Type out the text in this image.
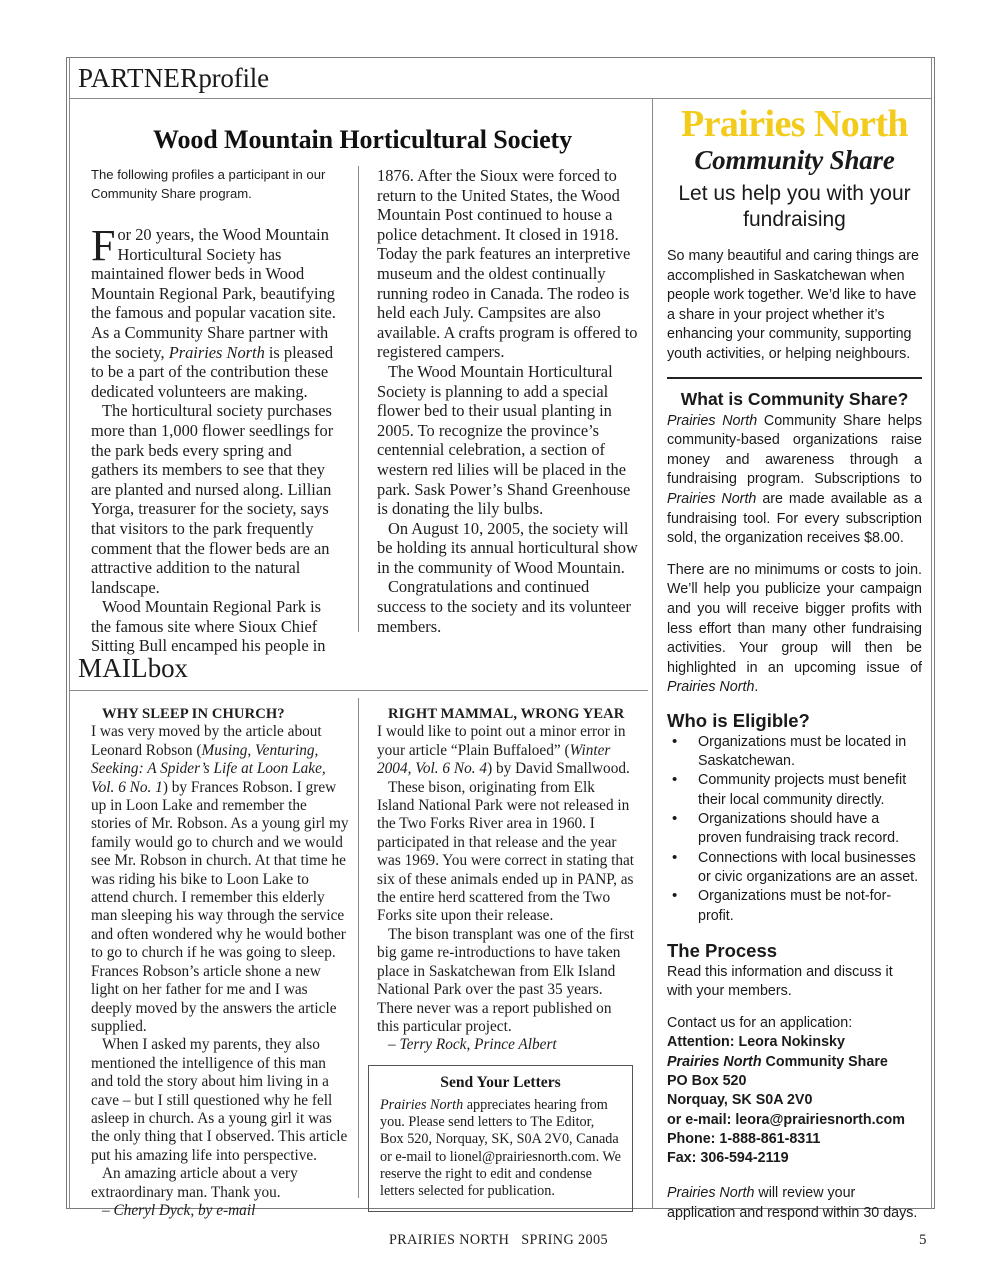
PARTNERprofile
Wood Mountain Horticultural Society

The following profiles a participant in our Community Share program.

For 20 years, the Wood Mountain Horticultural Society has maintained flower beds in Wood Mountain Regional Park, beautifying the famous and popular vacation site. As a Community Share partner with the society, Prairies North is pleased to be a part of the contribution these dedicated volunteers are making.

The horticultural society purchases more than 1,000 flower seedlings for the park beds every spring and gathers its members to see that they are planted and nursed along. Lillian Yorga, treasurer for the society, says that visitors to the park frequently comment that the flower beds are an attractive addition to the natural landscape.

Wood Mountain Regional Park is the famous site where Sioux Chief Sitting Bull encamped his people in

1876. After the Sioux were forced to return to the United States, the Wood Mountain Post continued to house a police detachment. It closed in 1918. Today the park features an interpretive museum and the oldest continually running rodeo in Canada. The rodeo is held each July. Campsites are also available. A crafts program is offered to registered campers.

The Wood Mountain Horticultural Society is planning to add a special flower bed to their usual planting in 2005. To recognize the province’s centennial celebration, a section of western red lilies will be placed in the park. Sask Power’s Shand Greenhouse is donating the lily bulbs.

On August 10, 2005, the society will be holding its annual horticultural show in the community of Wood Mountain.

Congratulations and continued success to the society and its volunteer members.

MAILbox

WHY SLEEP IN CHURCH?

I was very moved by the article about Leonard Robson (Musing, Venturing, Seeking: A Spider’s Life at Loon Lake, Vol. 6 No. 1) by Frances Robson. I grew up in Loon Lake and remember the stories of Mr. Robson. As a young girl my family would go to church and we would see Mr. Robson in church. At that time he was riding his bike to Loon Lake to attend church. I remember this elderly man sleeping his way through the service and often wondered why he would bother to go to church if he was going to sleep. Frances Robson’s article shone a new light on her father for me and I was deeply moved by the answers the article supplied.

When I asked my parents, they also mentioned the intelligence of this man and told the story about him living in a cave – but I still questioned why he fell asleep in church. As a young girl it was the only thing that I observed. This article put his amazing life into perspective.

An amazing article about a very extraordinary man. Thank you.

– Cheryl Dyck, by e-mail

RIGHT MAMMAL, WRONG YEAR

I would like to point out a minor error in your article “Plain Buffaloed” (Winter 2004, Vol. 6 No. 4) by David Smallwood.

These bison, originating from Elk Island National Park were not released in the Two Forks River area in 1960. I participated in that release and the year was 1969. You were correct in stating that six of these animals ended up in PANP, as the entire herd scattered from the Two Forks site upon their release.

The bison transplant was one of the first big game re-introductions to have taken place in Saskatchewan from Elk Island National Park over the past 35 years. There never was a report published on this particular project.

– Terry Rock, Prince Albert

Send Your Letters

Prairies North appreciates hearing from you. Please send letters to The Editor, Box 520, Norquay, SK, S0A 2V0, Canada or e-mail to lionel@prairiesnorth.com. We reserve the right to edit and condense letters selected for publication.

Prairies North
Community Share
Let us help you with your fundraising

So many beautiful and caring things are accomplished in Saskatchewan when people work together. We’d like to have a share in your project whether it’s enhancing your community, supporting youth activities, or helping neighbours.

What is Community Share?

Prairies North Community Share helps community-based organizations raise money and awareness through a fundraising program. Subscriptions to Prairies North are made available as a fundraising tool. For every subscription sold, the organization receives $8.00.

There are no minimums or costs to join. We’ll help you publicize your campaign and you will receive bigger profits with less effort than many other fundraising activities. Your group will then be highlighted in an upcoming issue of Prairies North.

Who is Eligible?
• Organizations must be located in Saskatchewan.
• Community projects must benefit their local community directly.
• Organizations should have a proven fundraising track record.
• Connections with local businesses or civic organizations are an asset.
• Organizations must be not-for-profit.
The Process

Read this information and discuss it with your members.

Contact us for an application:

Attention: Leora Nokinsky

Prairies North Community Share

PO Box 520

Norquay, SK S0A 2V0

or e-mail: leora@prairiesnorth.com

Phone: 1-888-861-8311

Fax: 306-594-2119

Prairies North will review your application and respond within 30 days.

PRAIRIES NORTH SPRING 2005	5
